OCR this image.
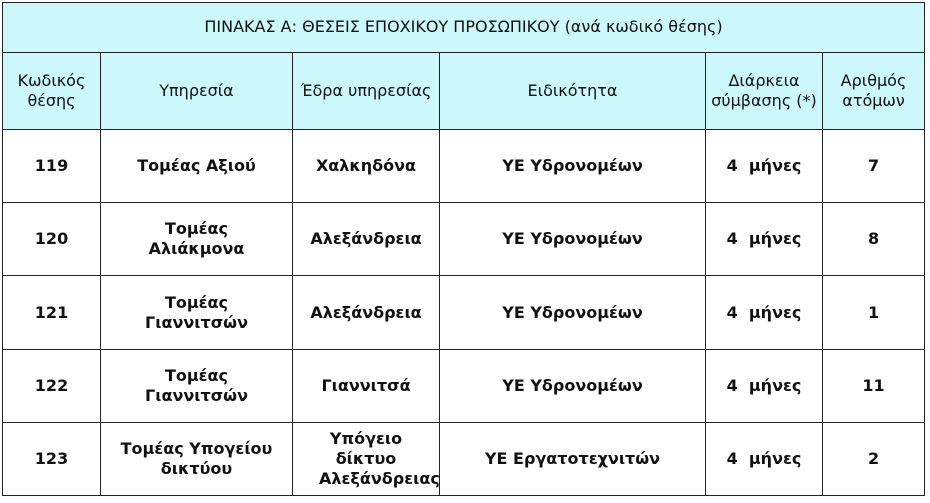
ΠΙΝΑΚΑΣ Α: ΘΕΣΕΙΣ ΕΠΟΧΙΚΟΥ ΠΡΟΣΩΠΙΚΟΥ (ανά κωδικό θέσης)					
Κωδικός θέσης	Υπηρεσία	Έδρα υπηρεσίας	Ειδικότητα	Διάρκεια σύμβασης (*)	Αριθμός ατόμων
119	Τομέας Αξιού	Χαλκηδόνα	ΥΕ Υδρονομέων	4  μήνες	7
120	Τομέας Αλιάκμονα	Αλεξάνδρεια	ΥΕ Υδρονομέων	4  μήνες	8
121	Τομέας Γιαννιτσών	Αλεξάνδρεια	ΥΕ Υδρονομέων	4  μήνες	1
122	Τομέας Γιαννιτσών	Γιαννιτσά	ΥΕ Υδρονομέων	4  μήνες	11
123	Τομέας Υπογείου δικτύου	Υπόγειο δίκτυο Αλεξάνδρειας	ΥΕ Εργατοτεχνιτών	4  μήνες	2
